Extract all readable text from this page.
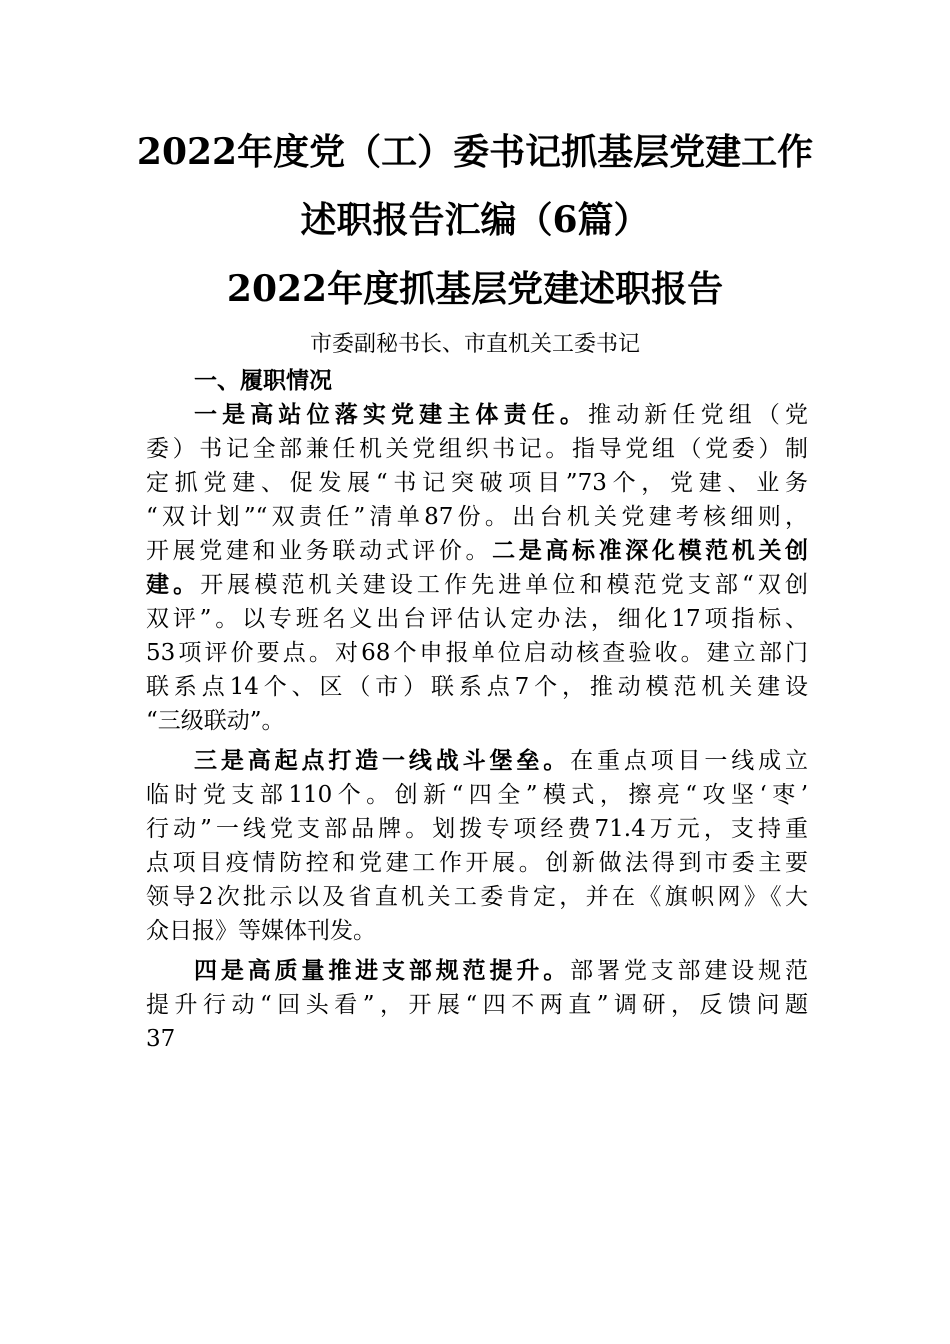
2022年度党（工）委书记抓基层党建工作
述职报告汇编（6篇）
2022年度抓基层党建述职报告
市委副秘书长、市直机关工委书记
一、履职情况
一是高站位落实党建主体责任。推动新任党组（党
委）书记全部兼任机关党组织书记。指导党组（党委）制
定抓党建、促发展“书记突破项目”73个，党建、业务
“双计划”“双责任”清单87份。出台机关党建考核细则，
开展党建和业务联动式评价。二是高标准深化模范机关创
建。开展模范机关建设工作先进单位和模范党支部“双创
双评”。以专班名义出台评估认定办法，细化17项指标、
53项评价要点。对68个申报单位启动核查验收。建立部门
联系点14个、区（市）联系点7个，推动模范机关建设
“三级联动”。
三是高起点打造一线战斗堡垒。在重点项目一线成立
临时党支部110个。创新“四全”模式，擦亮“攻坚‘枣’
行动”一线党支部品牌。划拨专项经费71.4万元，支持重
点项目疫情防控和党建工作开展。创新做法得到市委主要
领导2次批示以及省直机关工委肯定，并在《旗帜网》《大
众日报》等媒体刊发。
四是高质量推进支部规范提升。部署党支部建设规范
提升行动“回头看”，开展“四不两直”调研，反馈问题
37
